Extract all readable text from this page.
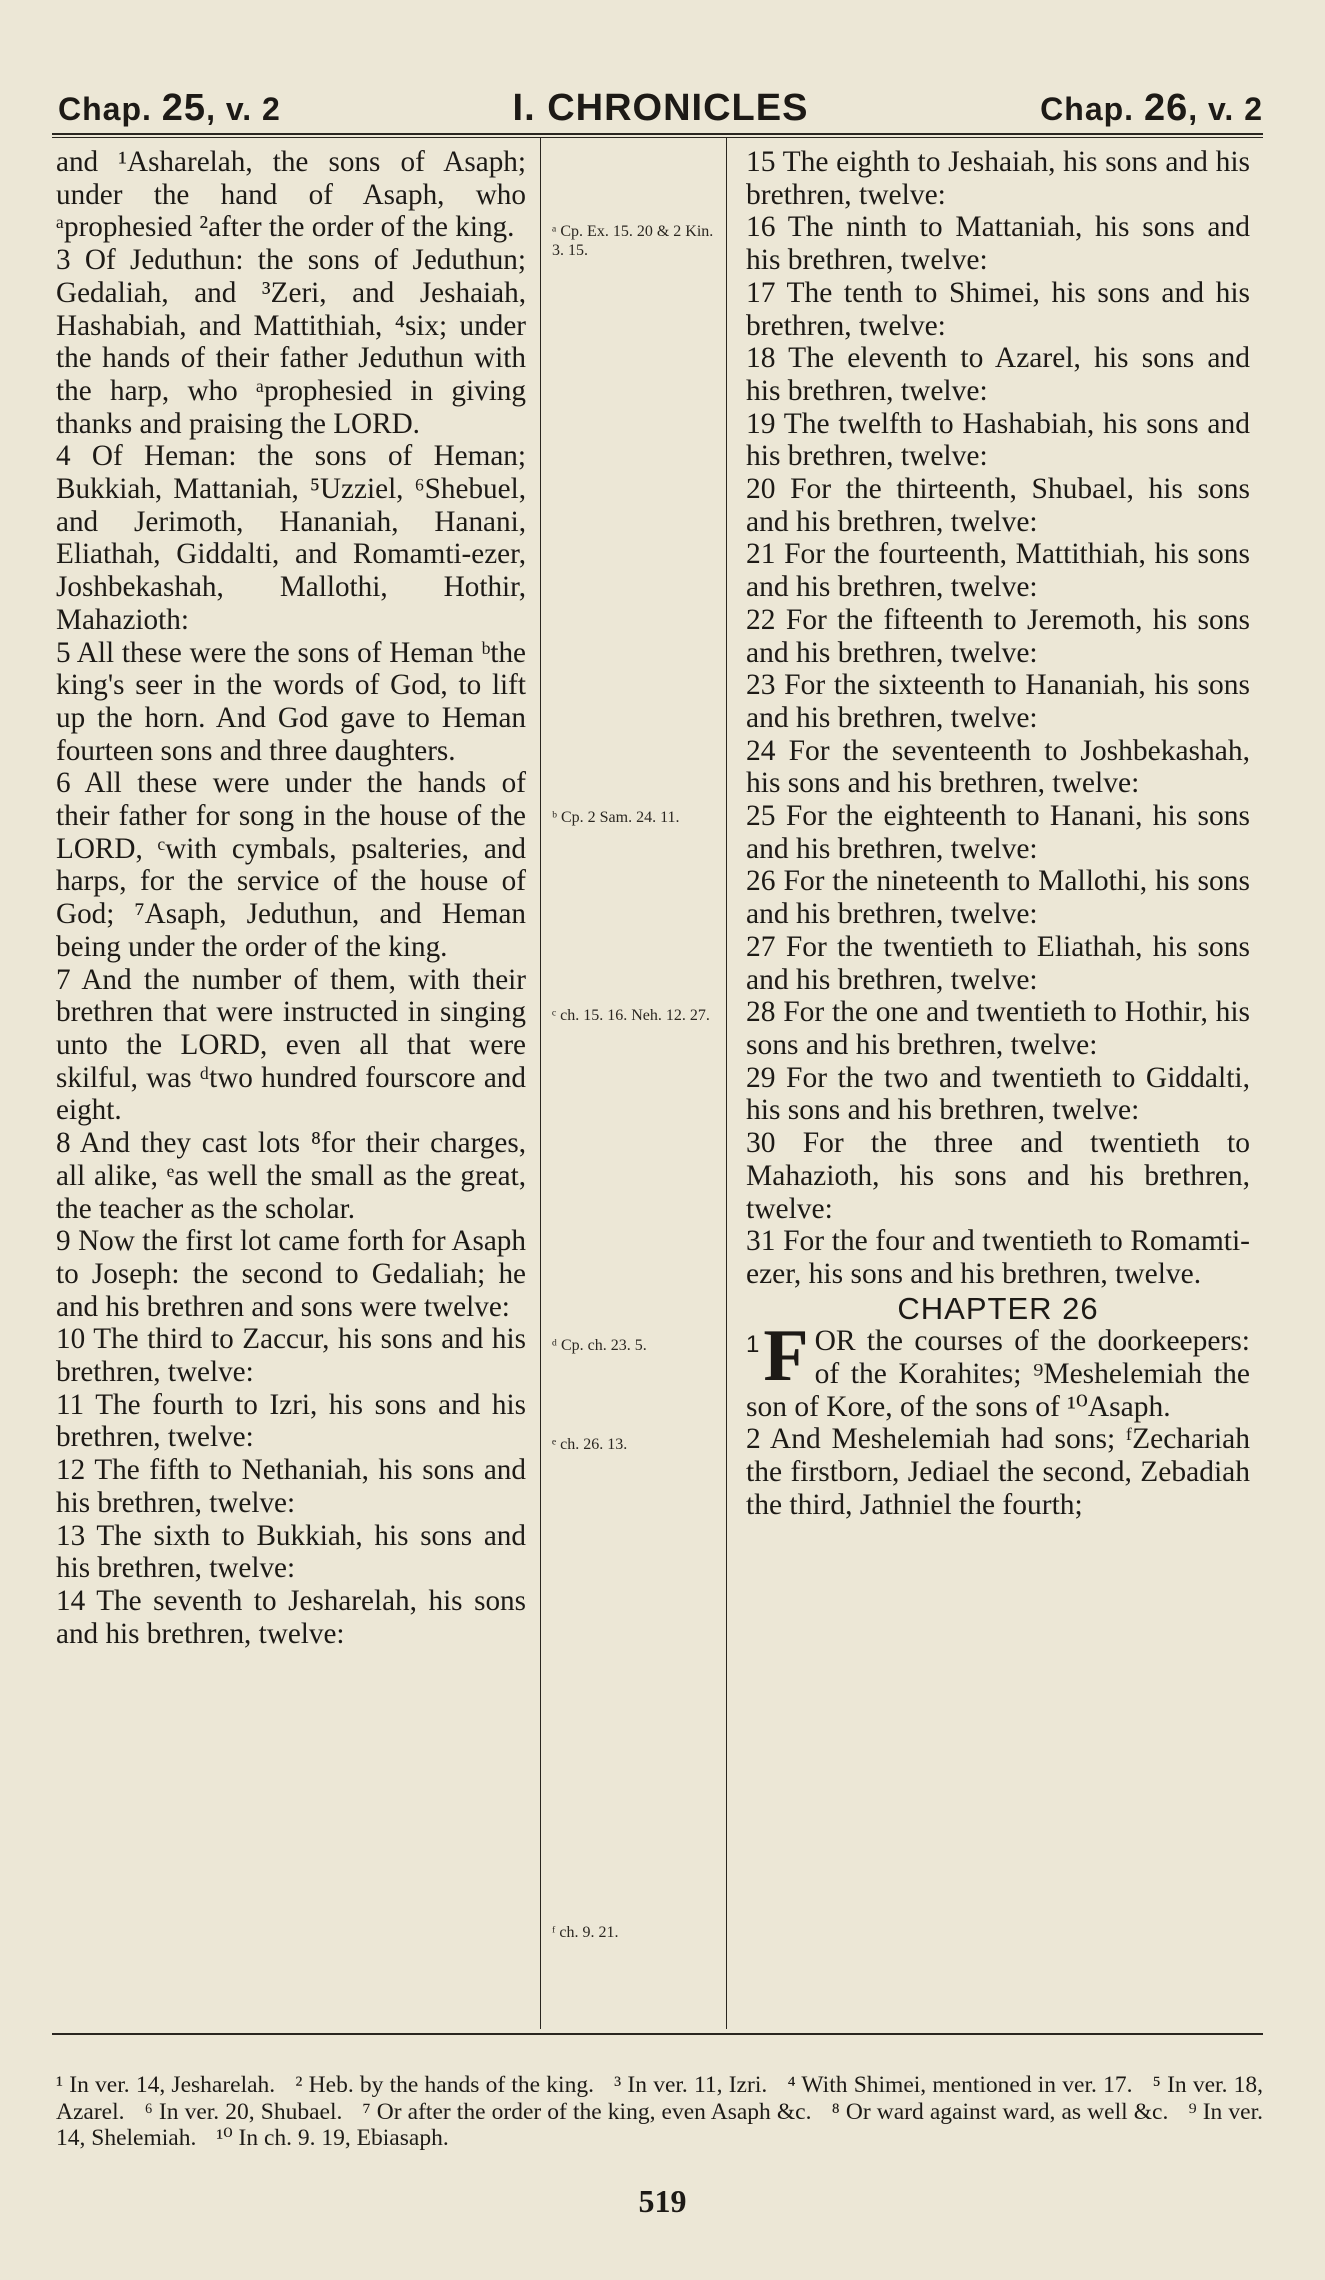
Chap. 25, v. 2	I. CHRONICLES	Chap. 26, v. 2

and ¹Asharelah, the sons of Asaph; under the hand of Asaph, who ᵃprophesied ²after the order of the king.

3 Of Jeduthun: the sons of Jeduthun; Gedaliah, and ³Zeri, and Jeshaiah, Hashabiah, and Mattithiah, ⁴six; under the hands of their father Jeduthun with the harp, who ᵃprophesied in giving thanks and praising the LORD.

4 Of Heman: the sons of Heman; Bukkiah, Mattaniah, ⁵Uzziel, ⁶Shebuel, and Jerimoth, Hananiah, Hanani, Eliathah, Giddalti, and Romamti-ezer, Joshbekashah, Mallothi, Hothir, Mahazioth:

5 All these were the sons of Heman ᵇthe king's seer in the words of God, to lift up the horn. And God gave to Heman fourteen sons and three daughters.

6 All these were under the hands of their father for song in the house of the LORD, ᶜwith cymbals, psalteries, and harps, for the service of the house of God; ⁷Asaph, Jeduthun, and Heman being under the order of the king.

7 And the number of them, with their brethren that were instructed in singing unto the LORD, even all that were skilful, was ᵈtwo hundred fourscore and eight.

8 And they cast lots ⁸for their charges, all alike, ᵉas well the small as the great, the teacher as the scholar.

9 Now the first lot came forth for Asaph to Joseph: the second to Gedaliah; he and his brethren and sons were twelve:

10 The third to Zaccur, his sons and his brethren, twelve:

11 The fourth to Izri, his sons and his brethren, twelve:

12 The fifth to Nethaniah, his sons and his brethren, twelve:

13 The sixth to Bukkiah, his sons and his brethren, twelve:

14 The seventh to Jesharelah, his sons and his brethren, twelve:

ᵃ Cp. Ex. 15. 20 & 2 Kin. 3. 15.
ᵇ Cp. 2 Sam. 24. 11.
ᶜ ch. 15. 16. Neh. 12. 27.
ᵈ Cp. ch. 23. 5.
ᵉ ch. 26. 13.
ᶠ ch. 9. 21.

15 The eighth to Jeshaiah, his sons and his brethren, twelve:

16 The ninth to Mattaniah, his sons and his brethren, twelve:

17 The tenth to Shimei, his sons and his brethren, twelve:

18 The eleventh to Azarel, his sons and his brethren, twelve:

19 The twelfth to Hashabiah, his sons and his brethren, twelve:

20 For the thirteenth, Shubael, his sons and his brethren, twelve:

21 For the fourteenth, Mattithiah, his sons and his brethren, twelve:

22 For the fifteenth to Jeremoth, his sons and his brethren, twelve:

23 For the sixteenth to Hananiah, his sons and his brethren, twelve:

24 For the seventeenth to Joshbekashah, his sons and his brethren, twelve:

25 For the eighteenth to Hanani, his sons and his brethren, twelve:

26 For the nineteenth to Mallothi, his sons and his brethren, twelve:

27 For the twentieth to Eliathah, his sons and his brethren, twelve:

28 For the one and twentieth to Hothir, his sons and his brethren, twelve:

29 For the two and twentieth to Giddalti, his sons and his brethren, twelve:

30 For the three and twentieth to Mahazioth, his sons and his brethren, twelve:

31 For the four and twentieth to Romamti-ezer, his sons and his brethren, twelve.

CHAPTER 26

1 F OR the courses of the doorkeepers: of the Korahites; ⁹Meshelemiah the son of Kore, of the sons of ¹⁰Asaph.

2 And Meshelemiah had sons; ᶠZechariah the firstborn, Jediael the second, Zebadiah the third, Jathniel the fourth;

¹ In ver. 14, Jesharelah. ² Heb. by the hands of the king. ³ In ver. 11, Izri. ⁴ With Shimei, mentioned in ver. 17. ⁵ In ver. 18, Azarel. ⁶ In ver. 20, Shubael. ⁷ Or after the order of the king, even Asaph &c. ⁸ Or ward against ward, as well &c. ⁹ In ver. 14, Shelemiah. ¹⁰ In ch. 9. 19, Ebiasaph.
519
